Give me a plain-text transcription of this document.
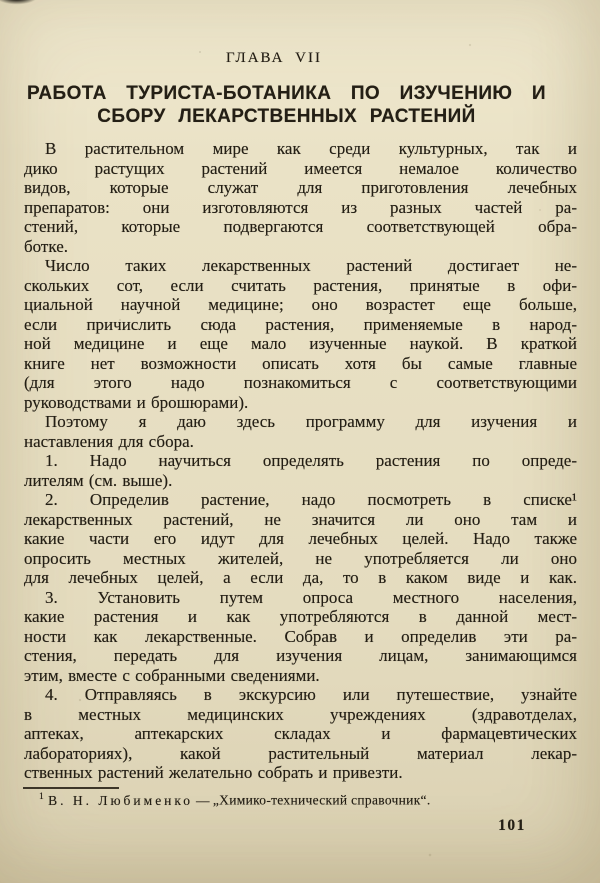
ГЛАВА VII
РАБОТА ТУРИСТА-БОТАНИКА ПО ИЗУЧЕНИЮ И
СБОРУ ЛЕКАРСТВЕННЫХ РАСТЕНИЙ
В растительном мире как среди культурных, так и
дико растущих растений имеется немалое количество
видов, которые служат для приготовления лечебных
препаратов: они изготовляются из разных частей ра-
стений, которые подвергаются соответствующей обра-
ботке.
Число таких лекарственных растений достигает не-
скольких сот, если считать растения, принятые в офи-
циальной научной медицине; оно возрастет еще больше,
если причислить сюда растения, применяемые в народ-
ной медицине и еще мало изученные наукой. В краткой
книге нет возможности описать хотя бы самые главные
(для этого надо познакомиться с соответствующими
руководствами и брошюрами).
Поэтому я даю здесь программу для изучения и
наставления для сбора.
1. Надо научиться определять растения по опреде-
лителям (см. выше).
2. Определив растение, надо посмотреть в списке¹
лекарственных растений, не значится ли оно там и
какие части его идут для лечебных целей. Надо также
опросить местных жителей, не употребляется ли оно
для лечебных целей, а если да, то в каком виде и как.
3. Установить путем опроса местного населения,
какие растения и как употребляются в данной мест-
ности как лекарственные. Собрав и определив эти ра-
стения, передать для изучения лицам, занимающимся
этим, вместе с собранными сведениями.
4. Отправляясь в экскурсию или путешествие, узнайте
в местных медицинских учреждениях (здравотделах,
аптеках, аптекарских складах и фармацевтических
лабораториях), какой растительный материал лекар-
ственных растений желательно собрать и привезти.
$^1$ В. Н. Любименко — „Химико-технический справочник“.
101
